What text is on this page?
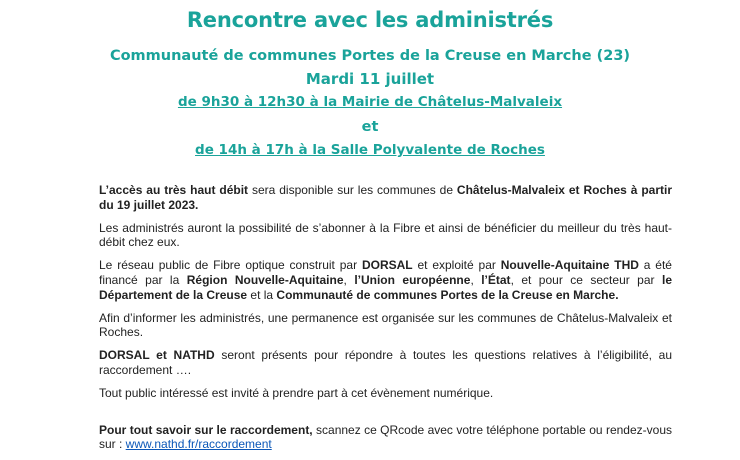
Rencontre avec les administrés
Communauté de communes Portes de la Creuse en Marche (23)
Mardi 11 juillet
de 9h30 à 12h30 à la Mairie de Châtelus-Malvaleix
et
de 14h à 17h à la Salle Polyvalente de Roches

L’accès au très haut débit sera disponible sur les communes de Châtelus-Malvaleix et Roches à partir du 19 juillet 2023.

Les administrés auront la possibilité de s’abonner à la Fibre et ainsi de bénéficier du meilleur du très haut-débit chez eux.

Le réseau public de Fibre optique construit par DORSAL et exploité par Nouvelle-Aquitaine THD a été financé par la Région Nouvelle-Aquitaine, l’Union européenne, l’État, et pour ce secteur par le Département de la Creuse et la Communauté de communes Portes de la Creuse en Marche.

Afin d’informer les administrés, une permanence est organisée sur les communes de Châtelus-Malvaleix et Roches.

DORSAL et NATHD seront présents pour répondre à toutes les questions relatives à l’éligibilité, au raccordement ….

Tout public intéressé est invité à prendre part à cet évènement numérique.

Pour tout savoir sur le raccordement, scannez ce QRcode avec votre téléphone portable ou rendez-vous sur : www.nathd.fr/raccordement
